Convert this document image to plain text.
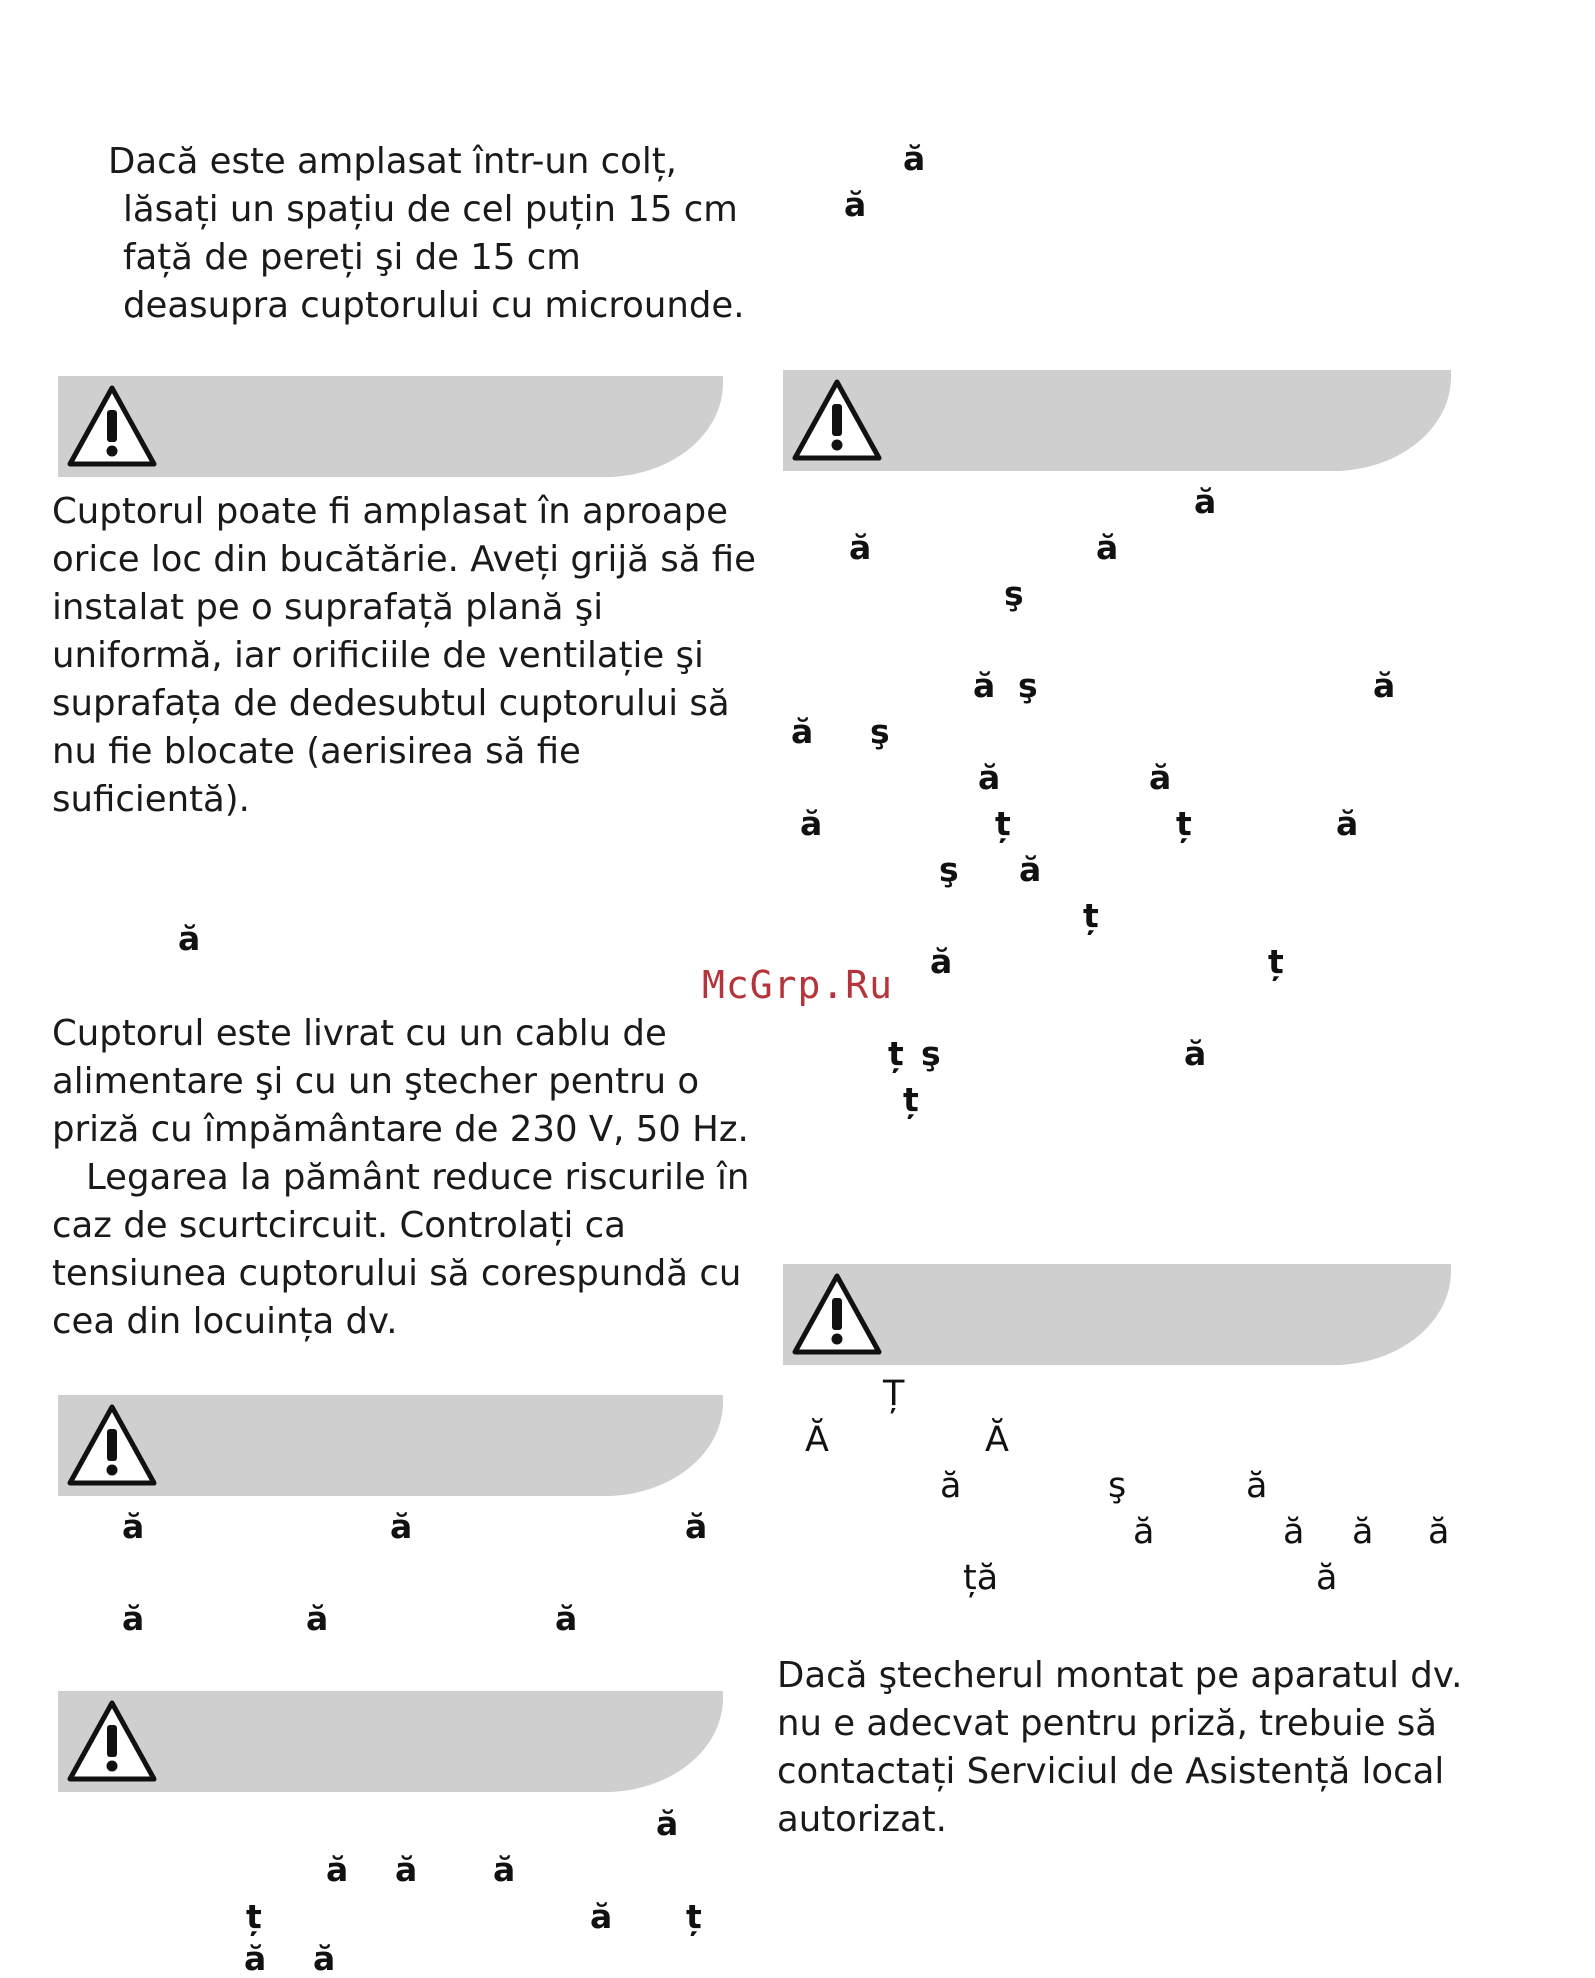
Dacă este amplasat într-un colț,
lăsați un spațiu de cel puțin 15 cm
față de pereți şi de 15 cm
deasupra cuptorului cu microunde.
Cuptorul poate fi amplasat în aproape
orice loc din bucătărie. Aveți grijă să fie
instalat pe o suprafață plană şi
uniformă, iar orificiile de ventilație şi
suprafața de dedesubtul cuptorului să
nu fie blocate (aerisirea să fie
suficientă).
ă
Cuptorul este livrat cu un cablu de
alimentare şi cu un ştecher pentru o
priză cu împământare de 230 V, 50 Hz.
Legarea la pământ reduce riscurile în
caz de scurtcircuit. Controlați ca
tensiunea cuptorului să corespundă cu
cea din locuința dv.
ă	ă	ă
ă	ă	ă
ă
ă ă ă
ț	ă ț
ă ă
ă
ă
ă
ă	ă
ş
ă ş	ă
ă ş
ă	ă
ă	ț	ț	ă
ş ă
ț
ă	ț
McGrp.Ru
ț ş	ă
ț
Ț
Ă	Ă
ă	ş	ă
ă	ă ă ă
ță	ă
Dacă ştecherul montat pe aparatul dv.
nu e adecvat pentru priză, trebuie să
contactați Serviciul de Asistență local
autorizat.
